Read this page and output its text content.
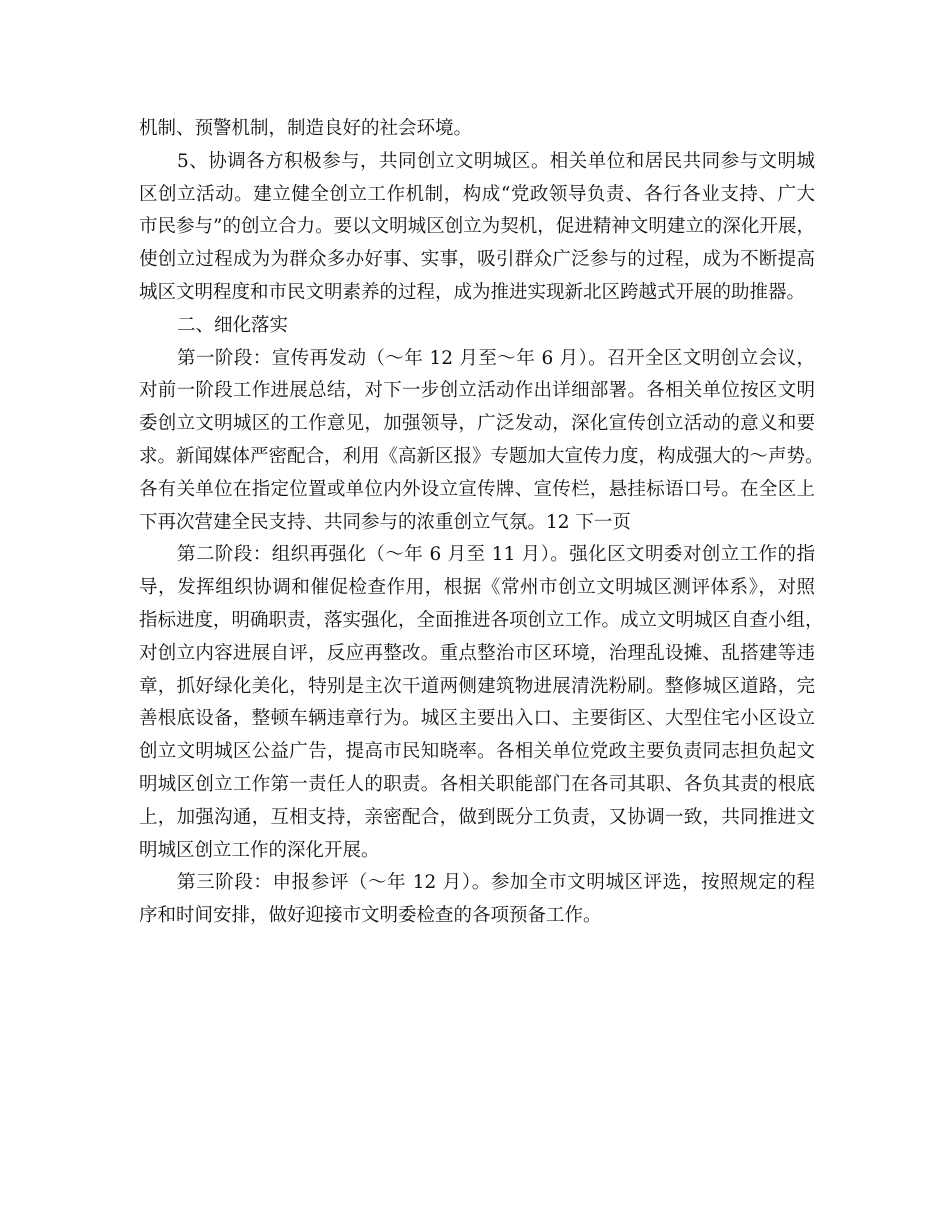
机制、预警机制，制造良好的社会环境。
5、协调各方积极参与，共同创立文明城区。相关单位和居民共同参与文明城
区创立活动。建立健全创立工作机制，构成“党政领导负责、各行各业支持、广大
市民参与”的创立合力。要以文明城区创立为契机，促进精神文明建立的深化开展，
使创立过程成为为群众多办好事、实事，吸引群众广泛参与的过程，成为不断提高
城区文明程度和市民文明素养的过程，成为推进实现新北区跨越式开展的助推器。
二、细化落实
第一阶段：宣传再发动（～年 12 月至～年 6 月）。召开全区文明创立会议，
对前一阶段工作进展总结，对下一步创立活动作出详细部署。各相关单位按区文明
委创立文明城区的工作意见，加强领导，广泛发动，深化宣传创立活动的意义和要
求。新闻媒体严密配合，利用《高新区报》专题加大宣传力度，构成强大的～声势。
各有关单位在指定位置或单位内外设立宣传牌、宣传栏，悬挂标语口号。在全区上
下再次营建全民支持、共同参与的浓重创立气氛。12 下一页
第二阶段：组织再强化（～年 6 月至 11 月）。强化区文明委对创立工作的指
导，发挥组织协调和催促检查作用，根据《常州市创立文明城区测评体系》，对照
指标进度，明确职责，落实强化，全面推进各项创立工作。成立文明城区自查小组，
对创立内容进展自评，反应再整改。重点整治市区环境，治理乱设摊、乱搭建等违
章，抓好绿化美化，特别是主次干道两侧建筑物进展清洗粉刷。整修城区道路，完
善根底设备，整顿车辆违章行为。城区主要出入口、主要街区、大型住宅小区设立
创立文明城区公益广告，提高市民知晓率。各相关单位党政主要负责同志担负起文
明城区创立工作第一责任人的职责。各相关职能部门在各司其职、各负其责的根底
上，加强沟通，互相支持，亲密配合，做到既分工负责，又协调一致，共同推进文
明城区创立工作的深化开展。
第三阶段：申报参评（～年 12 月）。参加全市文明城区评选，按照规定的程
序和时间安排，做好迎接市文明委检查的各项预备工作。
